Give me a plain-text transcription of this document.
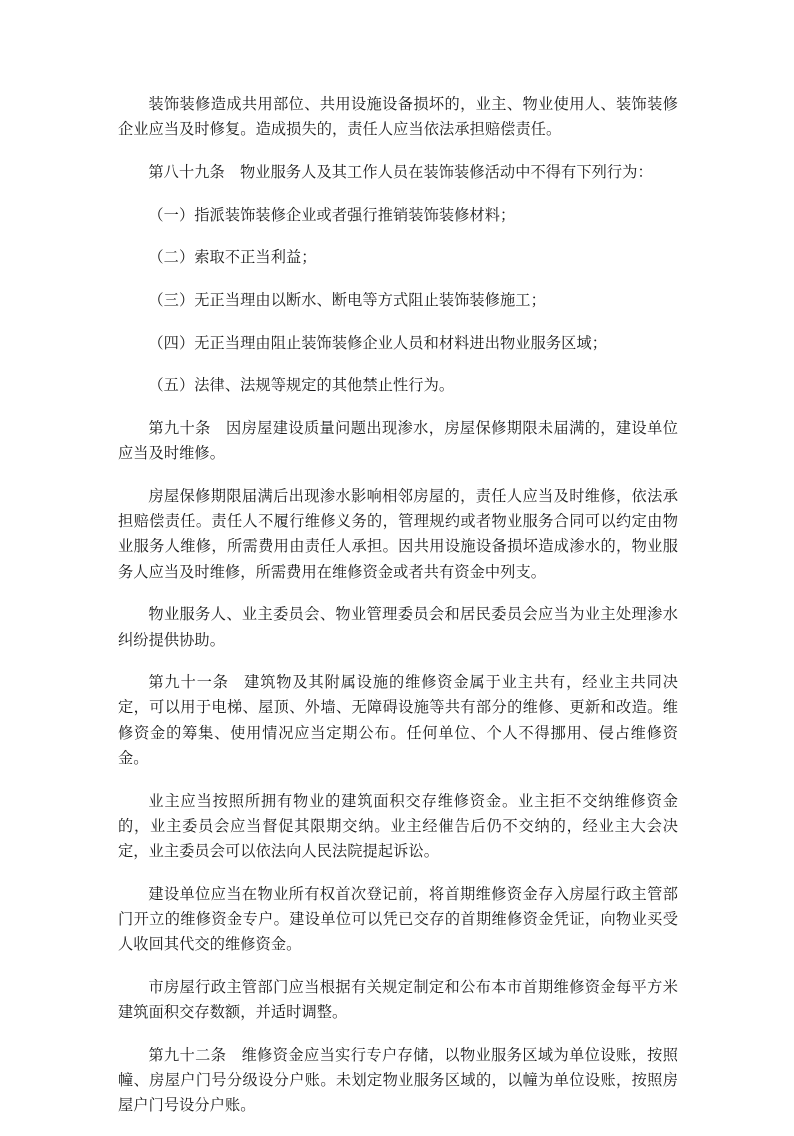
装饰装修造成共用部位、共用设施设备损坏的，业主、物业使用人、装饰装修企业应当及时修复。造成损失的，责任人应当依法承担赔偿责任。

第八十九条 物业服务人及其工作人员在装饰装修活动中不得有下列行为：

（一）指派装饰装修企业或者强行推销装饰装修材料；

（二）索取不正当利益；

（三）无正当理由以断水、断电等方式阻止装饰装修施工；

（四）无正当理由阻止装饰装修企业人员和材料进出物业服务区域；

（五）法律、法规等规定的其他禁止性行为。

第九十条 因房屋建设质量问题出现渗水，房屋保修期限未届满的，建设单位应当及时维修。

房屋保修期限届满后出现渗水影响相邻房屋的，责任人应当及时维修，依法承担赔偿责任。责任人不履行维修义务的，管理规约或者物业服务合同可以约定由物业服务人维修，所需费用由责任人承担。因共用设施设备损坏造成渗水的，物业服务人应当及时维修，所需费用在维修资金或者共有资金中列支。

物业服务人、业主委员会、物业管理委员会和居民委员会应当为业主处理渗水纠纷提供协助。

第九十一条 建筑物及其附属设施的维修资金属于业主共有，经业主共同决定，可以用于电梯、屋顶、外墙、无障碍设施等共有部分的维修、更新和改造。维修资金的筹集、使用情况应当定期公布。任何单位、个人不得挪用、侵占维修资金。

业主应当按照所拥有物业的建筑面积交存维修资金。业主拒不交纳维修资金的，业主委员会应当督促其限期交纳。业主经催告后仍不交纳的，经业主大会决定，业主委员会可以依法向人民法院提起诉讼。

建设单位应当在物业所有权首次登记前，将首期维修资金存入房屋行政主管部门开立的维修资金专户。建设单位可以凭已交存的首期维修资金凭证，向物业买受人收回其代交的维修资金。

市房屋行政主管部门应当根据有关规定制定和公布本市首期维修资金每平方米建筑面积交存数额，并适时调整。

第九十二条 维修资金应当实行专户存储，以物业服务区域为单位设账，按照幢、房屋户门号分级设分户账。未划定物业服务区域的，以幢为单位设账，按照房屋户门号设分户账。
